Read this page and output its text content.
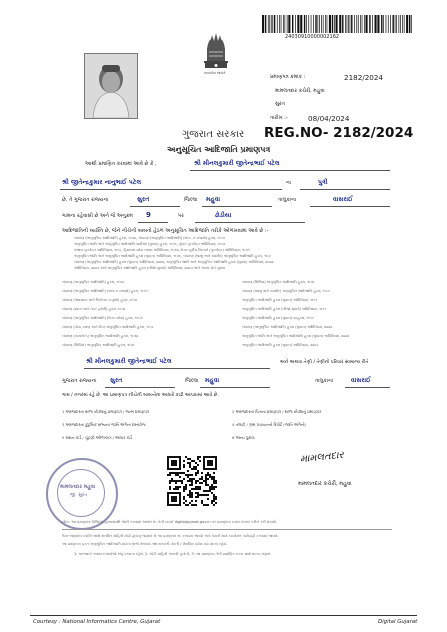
24030910000002162
સત્યમેવ જયતે
પ્રમાણપત્ર ક્રમાંક :	2182/2024
મામલતદાર કચેરી, મહુવા
સુરત
તારીખ :-	08/04/2024
ગુજરાત સરકાર REG.NO- 2182/2024
અનુસૂચિત આદિજાતિ પ્રમાણપત્ર
આથી પ્રમાણિત કરવામાં આવે છે કે ,	શ્રી મીનલકુમારી જીતેન્દ્રભાઈ પટેલ
શ્રી જીતેન્દ્રકુમાર નાનુભાઈ પટેલ	ના	પુત્રી
છે, તે ગુજરાત રાજ્યના	સુરત	જિલ્લા મહુવા	તાલુકાના	વાસરાઈ
ગામના રહેવાસી છે અને જે અનુક્રમ 9	પર	ઢોડીયા
આદિજાતિની વ્યક્તિ છે, જેને નીચેની બાબતો હેઠળ અનુસૂચિત આદિજાતિ તરીકે ઓળખવામાં આવે છે :-
બંધારણ (અનુસૂચિત આદિજાતિ) હુકમ, ૧૯૫૦, બંધારણ (અનુસૂચિત આદિજાતિ) (ભાગ -ગ રાજ્યો) હુકમ, ૧૯૫૧
અનુસૂચિત જાતિ અને અનુસૂચિત આદિજાતિ યાદીઓ (સુધારા) હુકમ, ૧૯૫૬, મુંબઈ પુનર્ગઠન અધિનિયમ, ૧૯૬૦
પંજાબ પુનર્ગઠન અધિનિયમ, ૧૯૬૬, હિમાચલ પ્રદેશ રાજ્ય અધિનિયમ, ૧૯૭૦, ઉત્તર-પૂર્વીય વિસ્તારો (પુનર્ગઠન) અધિનિયમ, ૧૯૭૧
અનુસૂચિત જાતિ અને અનુસૂચિત આદિજાતિ હુકમ (સુધારા) અધિનિયમ, ૧૯૭૬, બંધારણ (જમ્મુ અને કાશ્મીર) અનુસૂચિત આદિજાતિ હુકમ, ૧૯૮૯
બંધારણ (અનુસૂચિત આદિજાતિ) હુકમ (સુધારા) અધિનિયમ, ૨૦૦૨, અનુસૂચિત જાતિ અને અનુસૂચિત આદિજાતિ હુકમ (સુધારા) અધિનિયમ, ૨૦૦૨
અધિનિયમ, ૨૦૦૩ અને અનુસૂચિત આદિજાતિ હુકમ (બીજો સુધારો) અધિનિયમ, ૨૦૦૩ અને અન્ય કોઈ સુધારા
બંધારણ (અનુસૂચિત આદિજાતિ) હુકમ, ૧૯૫૦
બંધારણ (અનુસૂચિત આદિજાતિ) (ભાગ-ગ રાજ્યો) હુકમ, ૧૯૫૧
બંધારણ (આંદામાન અને નિકોબાર ટાપુઓ) હુકમ, ૧૯૫૯
બંધારણ (દાદરા અને નગર હવેલી) હુકમ, ૧૯૬૨
બંધારણ (અનુસૂચિત આદિજાતિ) (ઉત્તર પ્રદેશ) હુકમ, ૧૯૬૭
બંધારણ (ગોવા, દમણ અને દીવ) અનુસૂચિત આદિજાતિ હુકમ, ૧૯૬૮
બંધારણ (નાગાલેન્ડ) અનુસૂચિત આદિજાતિ હુકમ, ૧૯૭૦
બંધારણ (સિક્કિમ) અનુસૂચિત આદિજાતિ હુકમ, ૧૯૭૮
બંધારણ (સિક્કિમ) અનુસૂચિત આદિજાતિ હુકમ, ૧૯૭૮
બંધારણ (જમ્મુ અને કાશ્મીર) અનુસૂચિત આદિજાતિ હુકમ, ૧૯૮૯
અનુસૂચિત આદિજાતિ હુકમ (સુધારા) અધિનિયમ, ૧૯૯૧
અનુસૂચિત આદિજાતિ હુકમ (બીજો સુધારો) અધિનિયમ, ૧૯૯૧
અનુસૂચિત આદિજાતિ હુકમ (સુધારા) વટહુકમ, ૧૯૯૬
બંધારણ (અનુસૂચિત આદિજાતિ) હુકમ (સુધારા) અધિનિયમ, ૨૦૦૨
અનુસૂચિત જાતિ અને અનુસૂચિત આદિજાતિ હુકમ (સુધારા) અધિનિયમ, ૨૦૦૨
અનુસૂચિત આદિજાતિ હુકમ (સુધારા) અધિનિયમ, ૨૦૦૩
શ્રી મીનલકુમારી જીતેન્દ્રભાઈ પટેલ	અને અથવા તેણી / તેણીનો પરિવાર સામાન્ય રીતે
ગુજરાત રાજ્યના સુરત	જિલ્લા મહુવા	તાલુકાના	વાસરાઈ
ગામ / નગરમાં રહે છે. આ પ્રમાણપત્ર નીચેની બાબતોના આધારે કાઢી આપવામાં આવે છે.
1 અરજદારના શાળા છોડ્યાનું પ્રમાણપત્ર / જન્મ પ્રમાણપત્ર
3 અરજદારના કુટુંબિક સભ્યના જાતિ અંગેના દસ્તાવેજ
5 રાશન કાર્ડ / ચૂંટણી ઓળખપત્ર / આધાર કાર્ડ
2 અરજદારના પિતાના પ્રમાણપત્ર / શાળા છોડ્યાનું પ્રમાણપત્ર
4 તલાટી / ગ્રામ પંચાયતનો રિપોર્ટ (જાતિ અંગેનો)
6 અન્ય પુરાવા
મામલતદાર મહુવા
જી. સુરત
મામલતદાર
મામલતદાર કચેરી, મહુવા
નોંધ:- આ પ્રમાણપત્ર ડિજિટલ હસ્તાક્ષરથી જારી કરવામાં આવેલ છે. તેની ખરાઈ digitalgujarat.gov.in પર પ્રમાણપત્ર ક્રમાંક દાખલ કરીને કરી શકાશે.
ઉપર જણાવેલ વ્યક્તિ સાથે સંબંધિત માહિતી ખોટી હોવાનું જણાશે તો આ પ્રમાણપત્ર રદ કરવામાં આવશે અને તેમની સામે કાયદેસર કાર્યવાહી કરવામાં આવશે.
આ પ્રમાણપત્ર ફક્ત અનુસૂચિત આદિજાતિ માટેના લાભો મેળવવા તથા સરકારી નોકરી / શૈક્ષણિક પ્રવેશ માટે માન્ય રહેશે.
1. અરજદારે અસલ દસ્તાવેજો રજૂ કરવાના રહેશે. 2. ખોટી માહિતી આપવી ગુનો છે. 3. આ પ્રમાણપત્ર તેની પ્રમાણિત નકલ સાથે માન્ય ગણાશે.
Courtesy : National Informatics Centre, Gujarat	Digital Gujarat
